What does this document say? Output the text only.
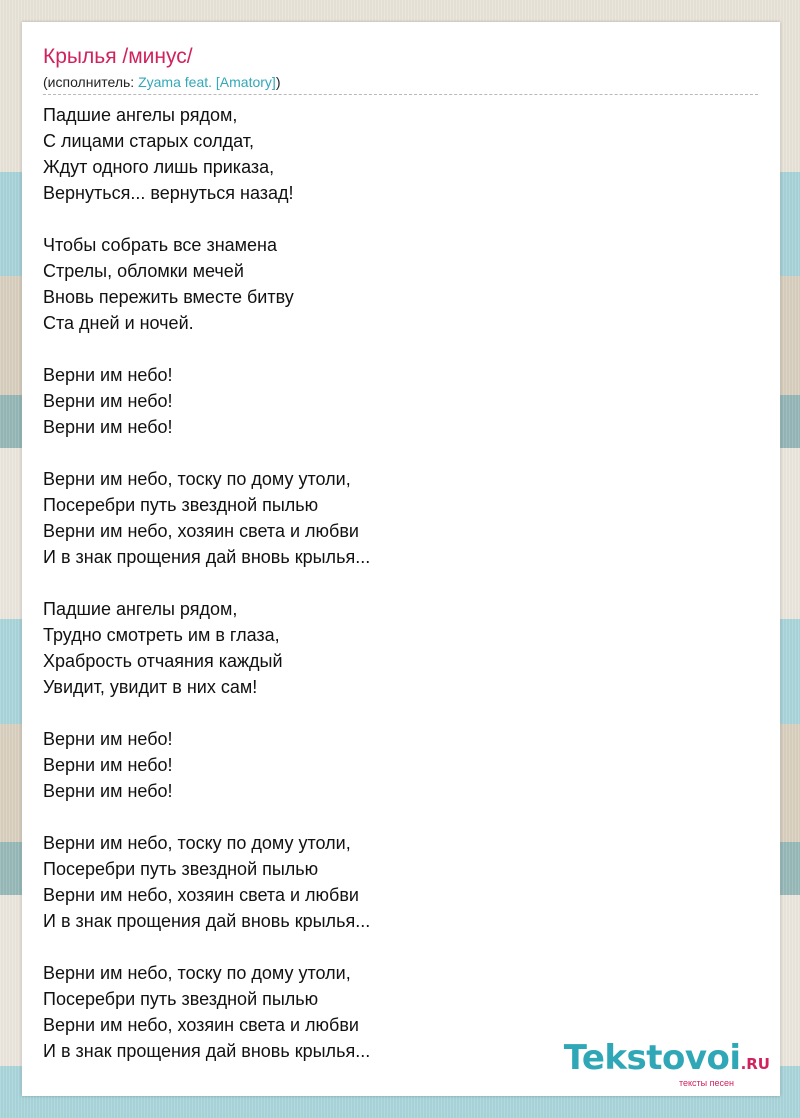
Крылья /минус/
(исполнитель: Zyama feat. [Amatory])
Падшие ангелы рядом,
С лицами старых солдат,
Ждут одного лишь приказа,
Вернуться... вернуться назад!
Чтобы собрать все знамена
Стрелы, обломки мечей
Вновь пережить вместе битву
Ста дней и ночей.
Верни им небо!
Верни им небо!
Верни им небо!
Верни им небо, тоску по дому утоли,
Посеребри путь звездной пылью
Верни им небо, хозяин света и любви
И в знак прощения дай вновь крылья...
Падшие ангелы рядом,
Трудно смотреть им в глаза,
Храбрость отчаяния каждый
Увидит, увидит в них сам!
Верни им небо!
Верни им небо!
Верни им небо!
Верни им небо, тоску по дому утоли,
Посеребри путь звездной пылью
Верни им небо, хозяин света и любви
И в знак прощения дай вновь крылья...
Верни им небо, тоску по дому утоли,
Посеребри путь звездной пылью
Верни им небо, хозяин света и любви
И в знак прощения дай вновь крылья...	Tekstovoi.RU
тексты песен
